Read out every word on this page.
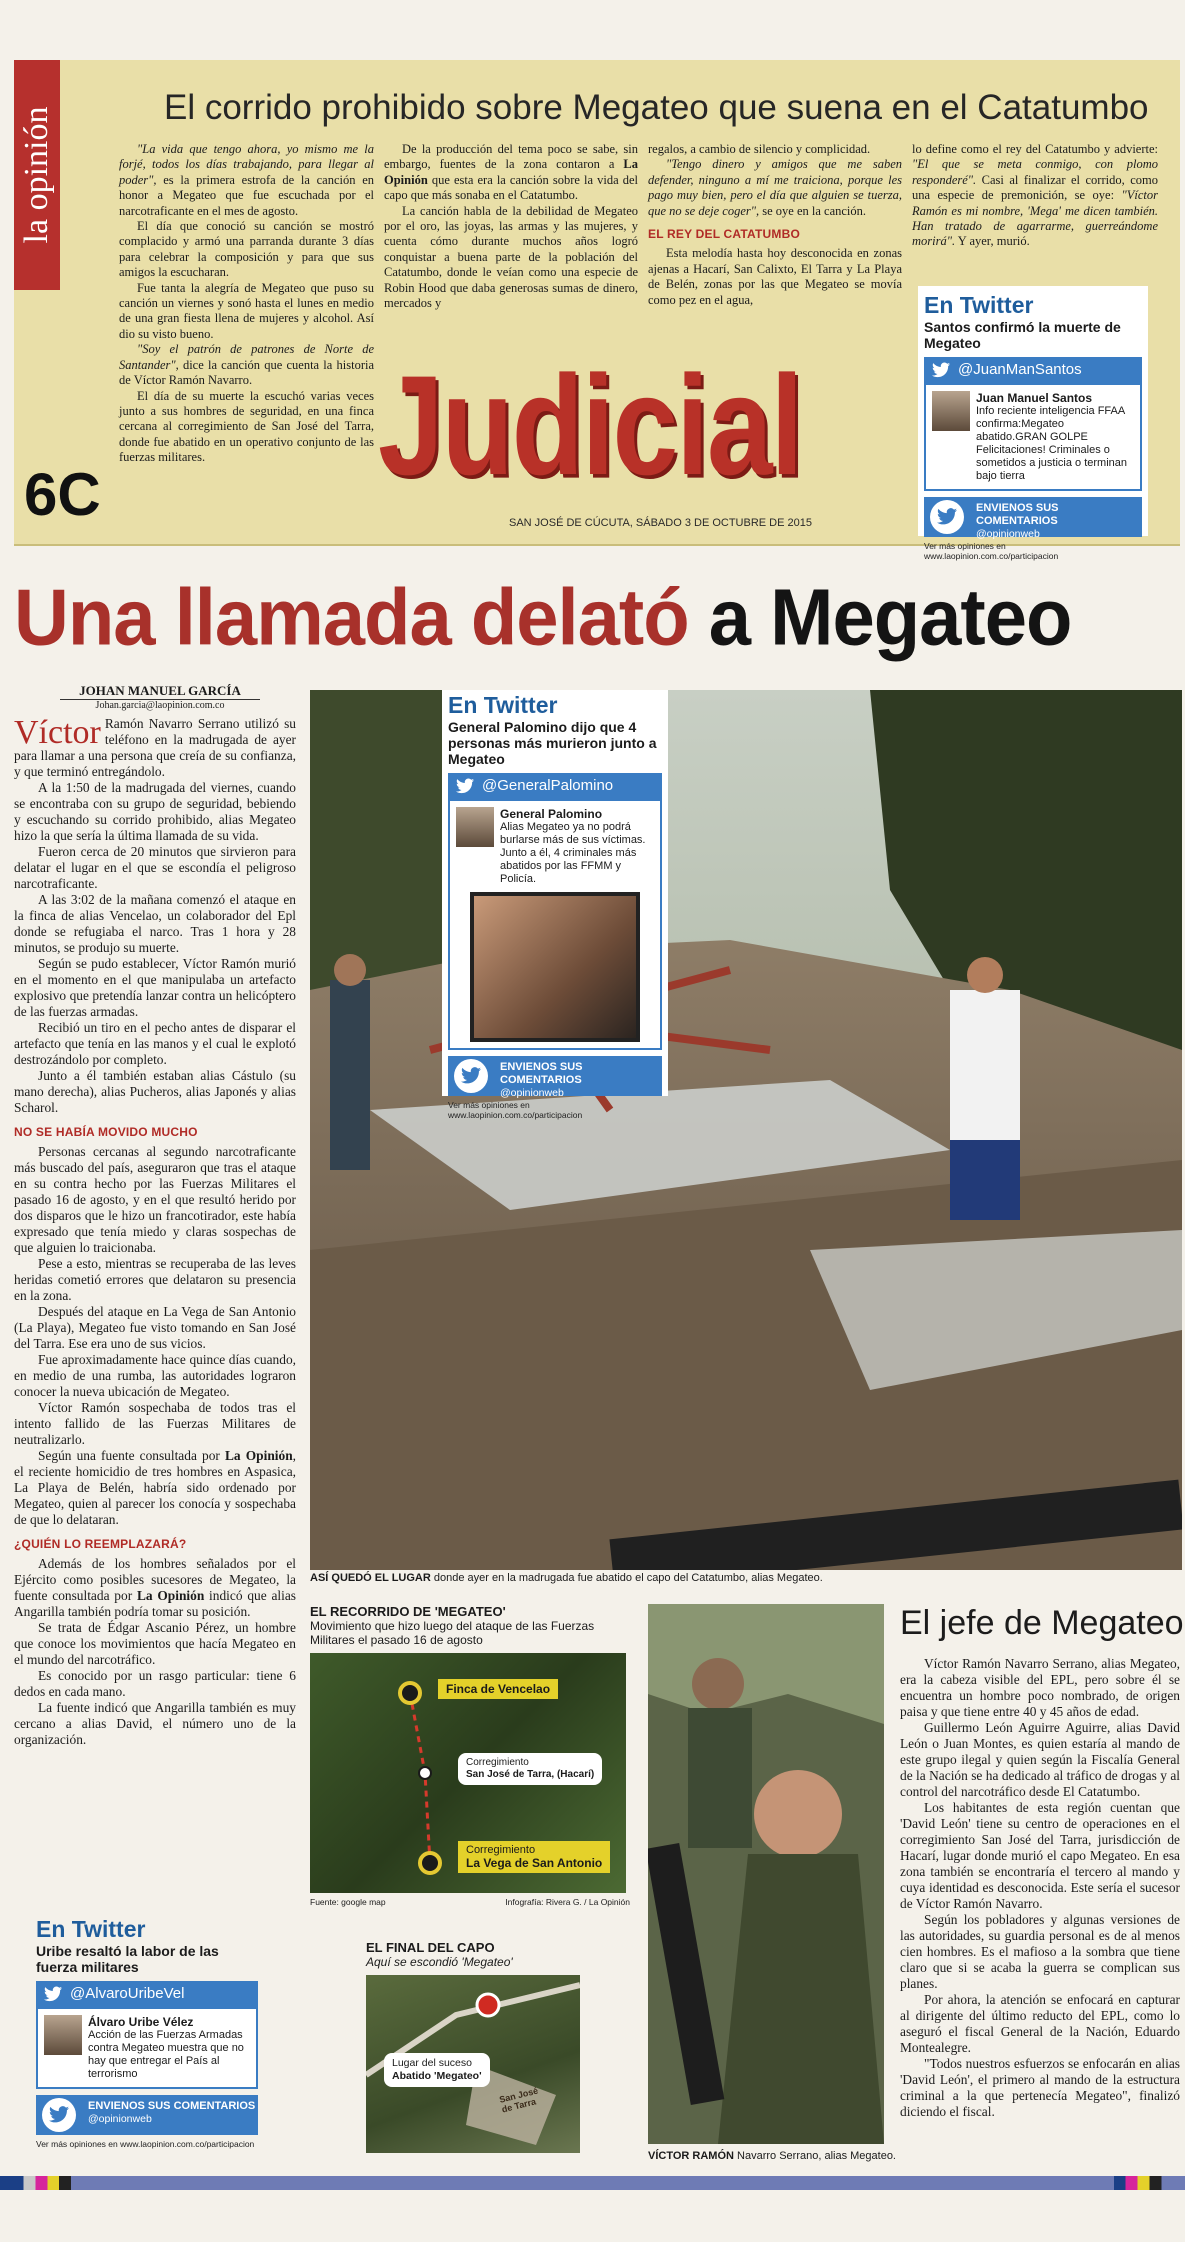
la opinión	El corrido prohibido sobre Megateo que suena en el Catatumbo

"La vida que tengo ahora, yo mismo me la forjé, todos los días trabajando, para llegar al poder", es la primera estrofa de la canción en honor a Megateo que fue escuchada por el narcotraficante en el mes de agosto.

El día que conoció su canción se mostró complacido y armó una parranda durante 3 días para celebrar la composición y para que sus amigos la escucharan.

Fue tanta la alegría de Megateo que puso su canción un viernes y sonó hasta el lunes en medio de una gran fiesta llena de mujeres y alcohol. Así dio su visto bueno.

"Soy el patrón de patrones de Norte de Santander", dice la canción que cuenta la historia de Víctor Ramón Navarro.

El día de su muerte la escuchó varias veces junto a sus hombres de seguridad, en una finca cercana al corregimiento de San José del Tarra, donde fue abatido en un operativo conjunto de las fuerzas militares.

De la producción del tema poco se sabe, sin embargo, fuentes de la zona contaron a La Opinión que esta era la canción sobre la vida del capo que más sonaba en el Catatumbo.

La canción habla de la debilidad de Megateo por el oro, las joyas, las armas y las mujeres, y cuenta cómo durante muchos años logró conquistar a buena parte de la población del Catatumbo, donde le veían como una especie de Robin Hood que daba generosas sumas de dinero, mercados y

regalos, a cambio de silencio y complicidad.

"Tengo dinero y amigos que me saben defender, ninguno a mí me traiciona, porque les pago muy bien, pero el día que alguien se tuerza, que no se deje coger", se oye en la canción.

EL REY DEL CATATUMBO

Esta melodía hasta hoy desconocida en zonas ajenas a Hacarí, San Calixto, El Tarra y La Playa de Belén, zonas por las que Megateo se movía como pez en el agua,

lo define como el rey del Catatumbo y advierte: "El que se meta conmigo, con plomo responderé". Casi al finalizar el corrido, como una especie de premonición, se oye: "Víctor Ramón es mi nombre, 'Mega' me dicen también. Han tratado de agarrarme, guerreándome morirá". Y ayer, murió.

Judicial
6C	SAN JOSÉ DE CÚCUTA, SÁBADO 3 DE OCTUBRE DE 2015
En Twitter
Santos confirmó la muerte de Megateo
@JuanManSantos
Juan Manuel Santos
Info reciente inteligencia FFAA confirma:Megateo abatido.GRAN GOLPE Felicitaciones! Criminales o sometidos a justicia o terminan bajo tierra
ENVIENOS SUS COMENTARIOS
@opinionweb
Ver más opiniones en www.laopinion.com.co/participacion
Una llamada delató a Megateo
JOHAN MANUEL GARCÍA
Johan.garcia@laopinion.com.co

Víctor Ramón Navarro Serrano utilizó su teléfono en la madrugada de ayer para llamar a una persona que creía de su confianza, y que terminó entregándolo.

A la 1:50 de la madrugada del viernes, cuando se encontraba con su grupo de seguridad, bebiendo y escuchando su corrido prohibido, alias Megateo hizo la que sería la última llamada de su vida.

Fueron cerca de 20 minutos que sirvieron para delatar el lugar en el que se escondía el peligroso narcotraficante.

A las 3:02 de la mañana comenzó el ataque en la finca de alias Vencelao, un colaborador del Epl donde se refugiaba el narco. Tras 1 hora y 28 minutos, se produjo su muerte.

Según se pudo establecer, Víctor Ramón murió en el momento en el que manipulaba un artefacto explosivo que pretendía lanzar contra un helicóptero de las fuerzas armadas.

Recibió un tiro en el pecho antes de disparar el artefacto que tenía en las manos y el cual le explotó destrozándolo por completo.

Junto a él también estaban alias Cástulo (su mano derecha), alias Pucheros, alias Japonés y alias Scharol.

NO SE HABÍA MOVIDO MUCHO

Personas cercanas al segundo narcotraficante más buscado del país, aseguraron que tras el ataque en su contra hecho por las Fuerzas Militares el pasado 16 de agosto, y en el que resultó herido por dos disparos que le hizo un francotirador, este había expresado que tenía miedo y claras sospechas de que alguien lo traicionaba.

Pese a esto, mientras se recuperaba de las leves heridas cometió errores que delataron su presencia en la zona.

Después del ataque en La Vega de San Antonio (La Playa), Megateo fue visto tomando en San José del Tarra. Ese era uno de sus vicios.

Fue aproximadamente hace quince días cuando, en medio de una rumba, las autoridades lograron conocer la nueva ubicación de Megateo.

Víctor Ramón sospechaba de todos tras el intento fallido de las Fuerzas Militares de neutralizarlo.

Según una fuente consultada por La Opinión, el reciente homicidio de tres hombres en Aspasica, La Playa de Belén, habría sido ordenado por Megateo, quien al parecer los conocía y sospechaba de que lo delataran.

¿QUIÉN LO REEMPLAZARÁ?

Además de los hombres señalados por el Ejército como posibles sucesores de Megateo, la fuente consultada por La Opinión indicó que alias Angarilla también podría tomar su posición.

Se trata de Édgar Ascanio Pérez, un hombre que conoce los movimientos que hacía Megateo en el mundo del narcotráfico.

Es conocido por un rasgo particular: tiene 6 dedos en cada mano.

La fuente indicó que Angarilla también es muy cercano a alias David, el número uno de la organización.

En Twitter
Uribe resaltó la labor de las fuerza militares
@AlvaroUribeVel
Álvaro Uribe Vélez
Acción de las Fuerzas Armadas contra Megateo muestra que no hay que entregar el País al terrorismo
ENVIENOS SUS COMENTARIOS
@opinionweb
Ver más opiniones en www.laopinion.com.co/participacion
En Twitter
General Palomino dijo que 4 personas más murieron junto a Megateo
@GeneralPalomino
General Palomino
Alias Megateo ya no podrá burlarse más de sus víctimas. Junto a él, 4 criminales más abatidos por las FFMM y Policía.
ENVIENOS SUS COMENTARIOS
@opinionweb
Ver más opiniones en www.laopinion.com.co/participacion
ASÍ QUEDÓ EL LUGAR donde ayer en la madrugada fue abatido el capo del Catatumbo, alias Megateo.
EL RECORRIDO DE 'MEGATEO'
Movimiento que hizo luego del ataque de las Fuerzas Militares el pasado 16 de agosto
Finca de Vencelao
Corregimiento
San José de Tarra, (Hacarí)
Corregimiento
La Vega de San Antonio
Fuente: google map	Infografía: Rivera G. / La Opinión
EL FINAL DEL CAPO
Aquí se escondió 'Megateo'
Lugar del suceso
Abatido 'Megateo'
San José de Tarra
VÍCTOR RAMÓN Navarro Serrano, alias Megateo.
El jefe de Megateo

Víctor Ramón Navarro Serrano, alias Megateo, era la cabeza visible del EPL, pero sobre él se encuentra un hombre poco nombrado, de origen paisa y que tiene entre 40 y 45 años de edad.

Guillermo León Aguirre Aguirre, alias David León o Juan Montes, es quien estaría al mando de este grupo ilegal y quien según la Fiscalía General de la Nación se ha dedicado al tráfico de drogas y al control del narcotráfico desde El Catatumbo.

Los habitantes de esta región cuentan que 'David León' tiene su centro de operaciones en el corregimiento San José del Tarra, jurisdicción de Hacarí, lugar donde murió el capo Megateo. En esa zona también se encontraría el tercero al mando y cuya identidad es desconocida. Este sería el sucesor de Víctor Ramón Navarro.

Según los pobladores y algunas versiones de las autoridades, su guardia personal es de al menos cien hombres. Es el mafioso a la sombra que tiene claro que si se acaba la guerra se complican sus planes.

Por ahora, la atención se enfocará en capturar al dirigente del último reducto del EPL, como lo aseguró el fiscal General de la Nación, Eduardo Montealegre.

"Todos nuestros esfuerzos se enfocarán en alias 'David León', el primero al mando de la estructura criminal a la que pertenecía Megateo", finalizó diciendo el fiscal.
